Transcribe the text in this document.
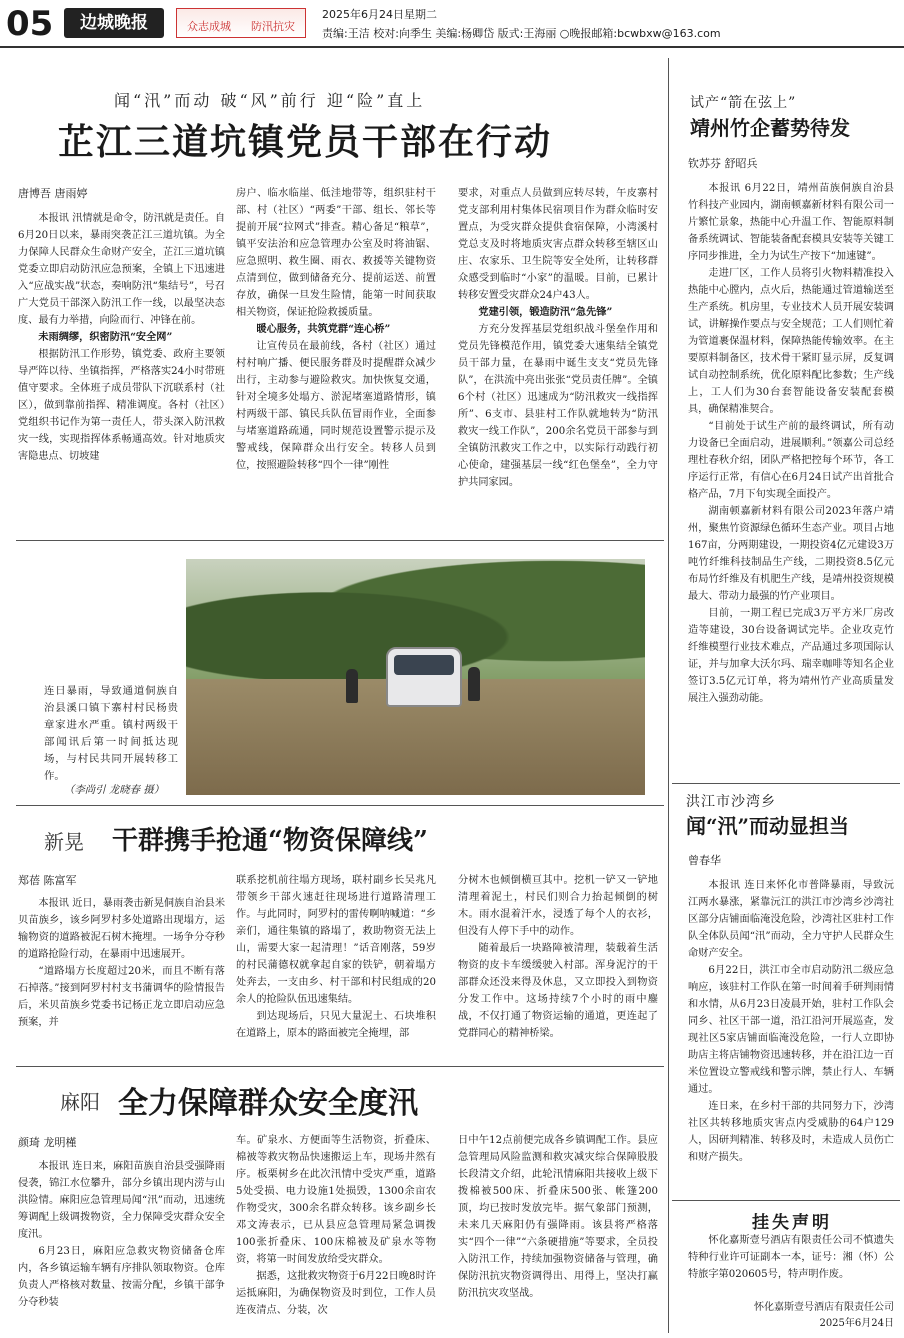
05	边城晚报	众志成城 防汛抗灾
2025年6月24日星期二
责编:王洁 校对:向季生 美编:杨卿岱 版式:王海丽 ○晚报邮箱:bcwbxw@163.com
闻“汛”而动 破“风”前行 迎“险”直上
芷江三道坑镇党员干部在行动
唐博吾 唐雨婷

本报讯 汛情就是命令，防汛就是责任。自6月20日以来，暴雨突袭芷江三道坑镇。为全力保障人民群众生命财产安全，芷江三道坑镇党委立即启动防汛应急预案，全镇上下迅速进入“应战实战”状态，奏响防汛“集结号”，号召广大党员干部深入防汛工作一线，以最坚决态度、最有力举措，向险而行、冲锋在前。

未雨绸缪，织密防汛“安全网”

根据防汛工作形势，镇党委、政府主要领导严阵以待、坐镇指挥，严格落实24小时带班值守要求。全体班子成员带队下沉联系村（社区），做到靠前指挥、精准调度。各村（社区）党组织书记作为第一责任人，带头深入防汛救灾一线，实现指挥体系畅通高效。针对地质灾害隐患点、切坡建

房户、临水临崖、低洼地带等，组织驻村干部、村（社区）“两委”干部、组长、邻长等提前开展“拉网式”排查。精心备足“粮草”，镇平安法治和应急管理办公室及时将油锯、应急照明、救生圈、雨衣、救援等关键物资点清到位，做到储备充分、提前运送、前置存放，确保一旦发生险情，能第一时间获取相关物资，保证抢险救援质量。

暖心服务，共筑党群“连心桥”

让宣传员在最前线，各村（社区）通过村村响广播、便民服务群及时提醒群众减少出行，主动参与避险救灾。加快恢复交通，针对全境多处塌方、淤泥堵塞道路情形，镇村两级干部、镇民兵队伍冒雨作业，全面参与堵塞道路疏通，同时规范设置警示提示及警戒线，保障群众出行安全。转移人员到位，按照避险转移“四个一律”刚性

要求，对重点人员做到应转尽转，午皮寨村党支部利用村集体民宿项目作为群众临时安置点，为受灾群众提供食宿保障，小湾溪村党总支及时将地质灾害点群众转移至辖区山庄、农家乐、卫生院等安全处所，让转移群众感受到临时“小家”的温暖。目前，已累计转移安置受灾群众24户43人。

党建引领，锻造防汛“急先锋”

方充分发挥基层党组织战斗堡垒作用和党员先锋模范作用，镇党委大速集结全镇党员干部力量，在暴雨中诞生支支“党员先锋队”，在洪流中亮出张张“党员责任牌”。全镇6个村（社区）迅速成为“防汛救灾一线指挥所”、6支市、县驻村工作队就地转为“防汛救灾一线工作队”，200余名党员干部参与到全镇防汛救灾工作之中，以实际行动践行初心使命，建强基层一线“红色堡垒”，全力守护共同家园。

连日暴雨，导致通道侗族自治县溪口镇下寨村村民杨贵章家进水严重。镇村两级干部闻讯后第一时间抵达现场，与村民共同开展转移工作。
（李尚引 龙晓春 摄）
新晃 干群携手抢通“物资保障线”
郑蓓 陈富军

本报讯 近日，暴雨袭击新晃侗族自治县米贝苗族乡，该乡阿罗村多处道路出现塌方，运输物资的道路被泥石树木掩埋。一场争分夺秒的道路抢险行动，在暴雨中迅速展开。

“道路塌方长度超过20米，而且不断有落石掉落。”接到阿罗村村支书蒲调华的险情报告后，米贝苗族乡党委书记杨正龙立即启动应急预案，并

联系挖机前往塌方现场，联村副乡长吴兆凡带领乡干部火速赶往现场进行道路清理工作。与此同时，阿罗村的雷传啊呐喊道：“乡亲们，通往集镇的路塌了，救助物资无法上山，需要大家一起清理！”话音刚落，59岁的村民蒲德权就拿起自家的铁铲，朝着塌方处奔去，一支由乡、村干部和村民组成的20余人的抢险队伍迅速集结。

到达现场后，只见大量泥土、石块堆积在道路上，原本的路面被完全掩埋，部

分树木也倾倒横亘其中。挖机一铲又一铲地清理着泥土，村民们则合力抬起倾倒的树木。雨水混着汗水，浸透了每个人的衣衫，但没有人停下手中的动作。

随着最后一块路障被清理，装载着生活物资的皮卡车缓缓驶入村部。浑身泥泞的干部群众还没来得及休息，又立即投入到物资分发工作中。这场持续7个小时的雨中鏖战，不仅打通了物资运输的通道，更连起了党群同心的精神桥梁。

麻阳 全力保障群众安全度汛
颜琦 龙明槿

本报讯 连日来，麻阳苗族自治县受强降雨侵袭，锦江水位攀升，部分乡镇出现内涝与山洪险情。麻阳应急管理局闻“汛”而动，迅速统筹调配上级调拨物资，全力保障受灾群众安全度汛。

6月23日，麻阳应急救灾物资储备仓库内，各乡镇运输车辆有序排队领取物资。仓库负责人严格核对数量、按需分配，乡镇干部争分夺秒装

车。矿泉水、方便面等生活物资，折叠床、棉被等救灾物品快速搬运上车，现场井然有序。板栗树乡在此次汛情中受灾严重，道路5处受损、电力设施1处损毁，1300余亩农作物受灾，300余名群众转移。该乡副乡长邓文涛表示，已从县应急管理局紧急调拨100张折叠床、100床棉被及矿泉水等物资，将第一时间发放给受灾群众。

据悉，这批救灾物资于6月22日晚8时许运抵麻阳，为确保物资及时到位，工作人员连夜清点、分装，次

日中午12点前便完成各乡镇调配工作。县应急管理局风险监测和救灾减灾综合保障股股长段清文介绍，此轮汛情麻阳共接收上级下拨棉被500床、折叠床500张、帐篷200顶，均已按时发放完毕。据气象部门预测，未来几天麻阳仍有强降雨。该县将严格落实“四个一律”“六条硬措施”等要求，全员投入防汛工作，持续加强物资储备与管理，确保防汛抗灾物资调得出、用得上，坚决打赢防汛抗灾攻坚战。

试产“箭在弦上”
靖州竹企蓄势待发
钦苏芬 舒昭兵

本报讯 6月22日，靖州苗族侗族自治县竹科技产业园内，湖南顿嘉新材料有限公司一片繁忙景象，热能中心升温工作、智能原料制备系统调试、智能装备配套模具安装等关键工序同步推进，全力为试生产按下“加速键”。

走进厂区，工作人员将引火物料精准投入热能中心膛内，点火后，热能通过管道输送至生产系统。机房里，专业技术人员开展安装调试，讲解操作要点与安全规范；工人们则忙着为管道裹保温材料，保障热能传输效率。在主要原料制备区，技术骨干紧盯显示屏，反复调试自动控制系统，优化原料配比参数；生产线上，工人们为30台套智能设备安装配套模具，确保精准契合。

“目前处于试生产前的最终调试，所有动力设备已全面启动，进展顺利。”领嘉公司总经理杜春秋介绍，团队严格把控每个环节，各工序运行正常，有信心在6月24日试产出首批合格产品，7月下旬实现全面投产。

湖南顿嘉新材料有限公司2023年落户靖州，聚焦竹资源绿色循环生态产业。项目占地167亩，分两期建设，一期投资4亿元建设3万吨竹纤维科技制品生产线，二期投资8.5亿元布局竹纤维及有机肥生产线，是靖州投资规模最大、带动力最强的竹产业项目。

目前，一期工程已完成3万平方米厂房改造等建设，30台设备调试完毕。企业攻克竹纤维模塑行业技术难点，产品通过多项国际认证，并与加拿大沃尔玛、瑞幸咖啡等知名企业签订3.5亿元订单，将为靖州竹产业高质量发展注入强劲动能。

洪江市沙湾乡
闻“汛”而动显担当
曾春华

本报讯 连日来怀化市普降暴雨，导致沅江两水暴涨，紧靠沅江的洪江市沙湾乡沙湾社区部分店铺面临淹没危险，沙湾社区驻村工作队全体队员闻“汛”而动，全力守护人民群众生命财产安全。

6月22日，洪江市全市启动防汛二级应急响应，该驻村工作队在第一时间着手研判雨情和水情，从6月23日凌晨开始，驻村工作队会同乡、社区干部一道，沿江沿河开展巡查，发现社区5家店铺面临淹没危险，一行人立即协助店主将店铺物资迅速转移，并在沿江边一百米位置设立警戒线和警示牌，禁止行人、车辆通过。

连日来，在乡村干部的共同努力下，沙湾社区共转移地质灾害点内受威胁的64户129人，因研判精准、转移及时，未造成人员伤亡和财产损失。

挂失声明

怀化嘉斯壹号酒店有限责任公司不慎遗失特种行业许可证副本一本，证号：湘（怀）公特旅字第020605号，特声明作废。

怀化嘉斯壹号酒店有限责任公司
2025年6月24日
